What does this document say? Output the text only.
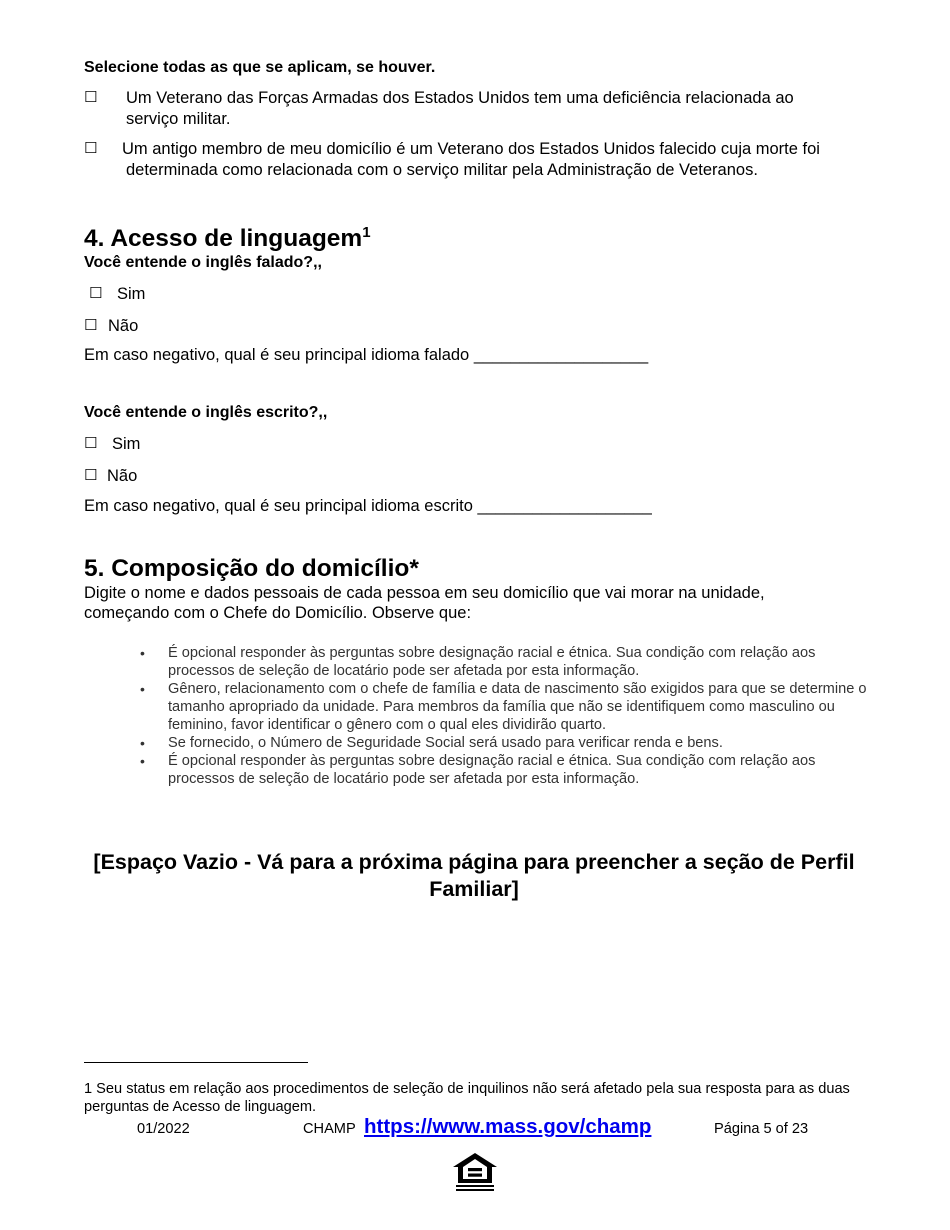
Selecione todas as que se aplicam, se houver.
☐ Um Veterano das Forças Armadas dos Estados Unidos tem uma deficiência relacionada ao
serviço militar.
☐ Um antigo membro de meu domicílio é um Veterano dos Estados Unidos falecido cuja morte foi
determinada como relacionada com o serviço militar pela Administração de Veteranos.
4. Acesso de linguagem$^1$
Você entende o inglês falado?,,
☐ Sim
☐ Não
Em caso negativo, qual é seu principal idioma falado ___________________
Você entende o inglês escrito?,,
☐ Sim
☐ Não
Em caso negativo, qual é seu principal idioma escrito ___________________
5. Composição do domicílio*
Digite o nome e dados pessoais de cada pessoa em seu domicílio que vai morar na unidade,
começando com o Chefe do Domicílio. Observe que:
• É opcional responder às perguntas sobre designação racial e étnica. Sua condição com relação aos processos de seleção de locatário pode ser afetada por esta informação.
• Gênero, relacionamento com o chefe de família e data de nascimento são exigidos para que se determine o tamanho apropriado da unidade. Para membros da família que não se identifiquem como masculino ou feminino, favor identificar o gênero com o qual eles dividirão quarto.
• Se fornecido, o Número de Seguridade Social será usado para verificar renda e bens.
• É opcional responder às perguntas sobre designação racial e étnica. Sua condição com relação aos processos de seleção de locatário pode ser afetada por esta informação.
[Espaço Vazio - Vá para a próxima página para preencher a seção de Perfil Familiar]
1 Seu status em relação aos procedimentos de seleção de inquilinos não será afetado pela sua resposta para as duas perguntas de Acesso de linguagem.
01/2022	CHAMP https://www.mass.gov/champ	Página 5 of 23
